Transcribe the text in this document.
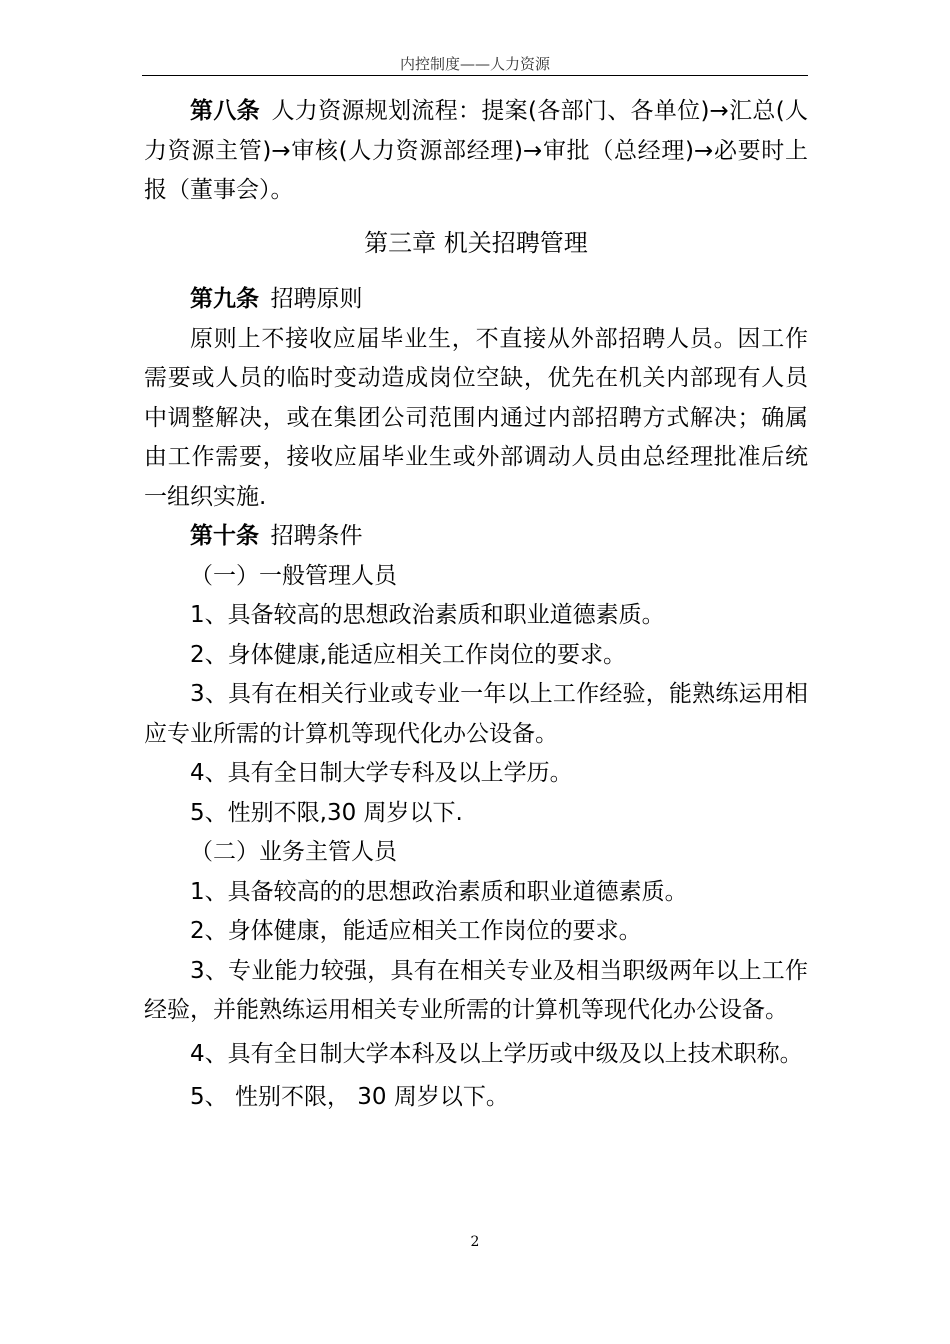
内控制度——人力资源

第八条 人力资源规划流程：提案(各部门、各单位)→汇总(人力资源主管)→审核(人力资源部经理)→审批（总经理)→必要时上报（董事会）。

第三章 机关招聘管理

第九条 招聘原则

原则上不接收应届毕业生，不直接从外部招聘人员。因工作需要或人员的临时变动造成岗位空缺，优先在机关内部现有人员中调整解决，或在集团公司范围内通过内部招聘方式解决；确属由工作需要，接收应届毕业生或外部调动人员由总经理批准后统一组织实施.

第十条 招聘条件

（一）一般管理人员

1、具备较高的思想政治素质和职业道德素质。

2、身体健康,能适应相关工作岗位的要求。

3、具有在相关行业或专业一年以上工作经验，能熟练运用相应专业所需的计算机等现代化办公设备。

4、具有全日制大学专科及以上学历。

5、性别不限,30 周岁以下.

（二）业务主管人员

1、具备较高的的思想政治素质和职业道德素质。

2、身体健康，能适应相关工作岗位的要求。

3、专业能力较强，具有在相关专业及相当职级两年以上工作经验，并能熟练运用相关专业所需的计算机等现代化办公设备。

4、具有全日制大学本科及以上学历或中级及以上技术职称。

5、 性别不限， 30 周岁以下。

2
